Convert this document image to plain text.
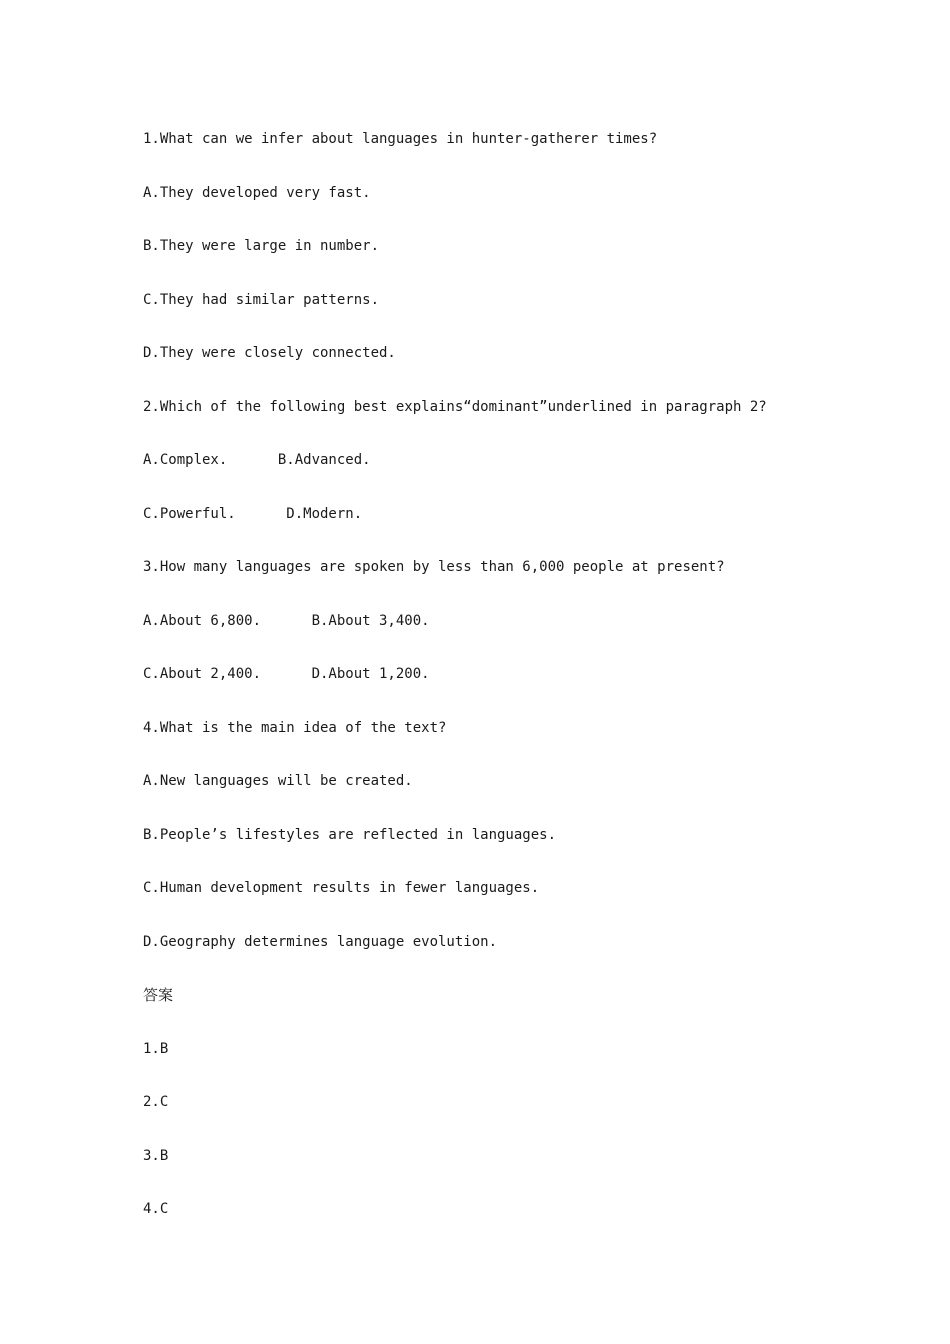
1.What can we infer about languages in hunter-gatherer times?
A.They developed very fast.
B.They were large in number.
C.They had similar patterns.
D.They were closely connected.
2.Which of the following best explains“dominant”underlined in paragraph 2?
A.Complex.      B.Advanced.
C.Powerful.      D.Modern.
3.How many languages are spoken by less than 6,000 people at present?
A.About 6,800.      B.About 3,400.
C.About 2,400.      D.About 1,200.
4.What is the main idea of the text?
A.New languages will be created.
B.People’s lifestyles are reflected in languages.
C.Human development results in fewer languages.
D.Geography determines language evolution.
答案
1.B
2.C
3.B
4.C
